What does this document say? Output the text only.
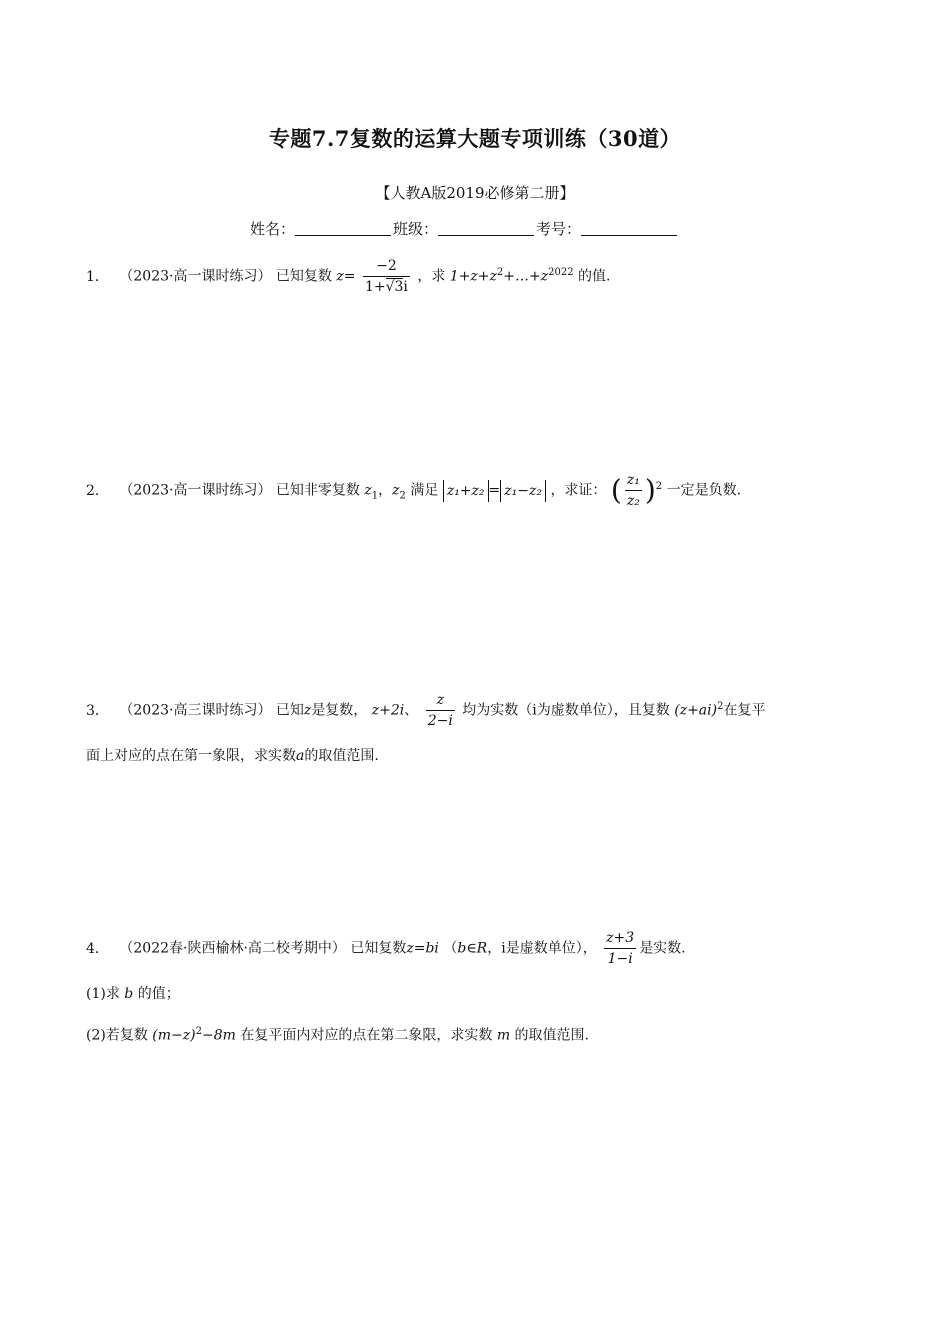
专题7.7复数的运算大题专项训练（30道）
【人教A版2019必修第二册】
姓名：	班级：	考号：
1． （2023·高一课时练习） 已知复数 $z= \frac{-2}{1+√3i}$ ，求 $1+z+z^2+\dots+z^{2022}$ 的值.
2． （2023·高一课时练习） 已知非零复数 $z_1$，$z_2$ 满足 z₁+z₂ = z₁−z₂ ，求证： ( $\frac{\text{z₁}}{\text{z₂}} )^2$ 一定是负数.
3． （2023·高三课时练习） 已知z是复数， z+2i、 $\frac{z}{2-i}$ 均为实数（i为虚数单位），且复数 $(z+ai)^2$在复平
面上对应的点在第一象限，求实数a的取值范围.
4． （2022春·陕西榆林·高二校考期中） 已知复数z=bi （b∈R，i是虚数单位）， $\frac{z+3}{1-i}$ 是实数.
(1)求 b 的值；
(2)若复数 $(m-z)^2-8m$ 在复平面内对应的点在第二象限，求实数 m 的取值范围.
